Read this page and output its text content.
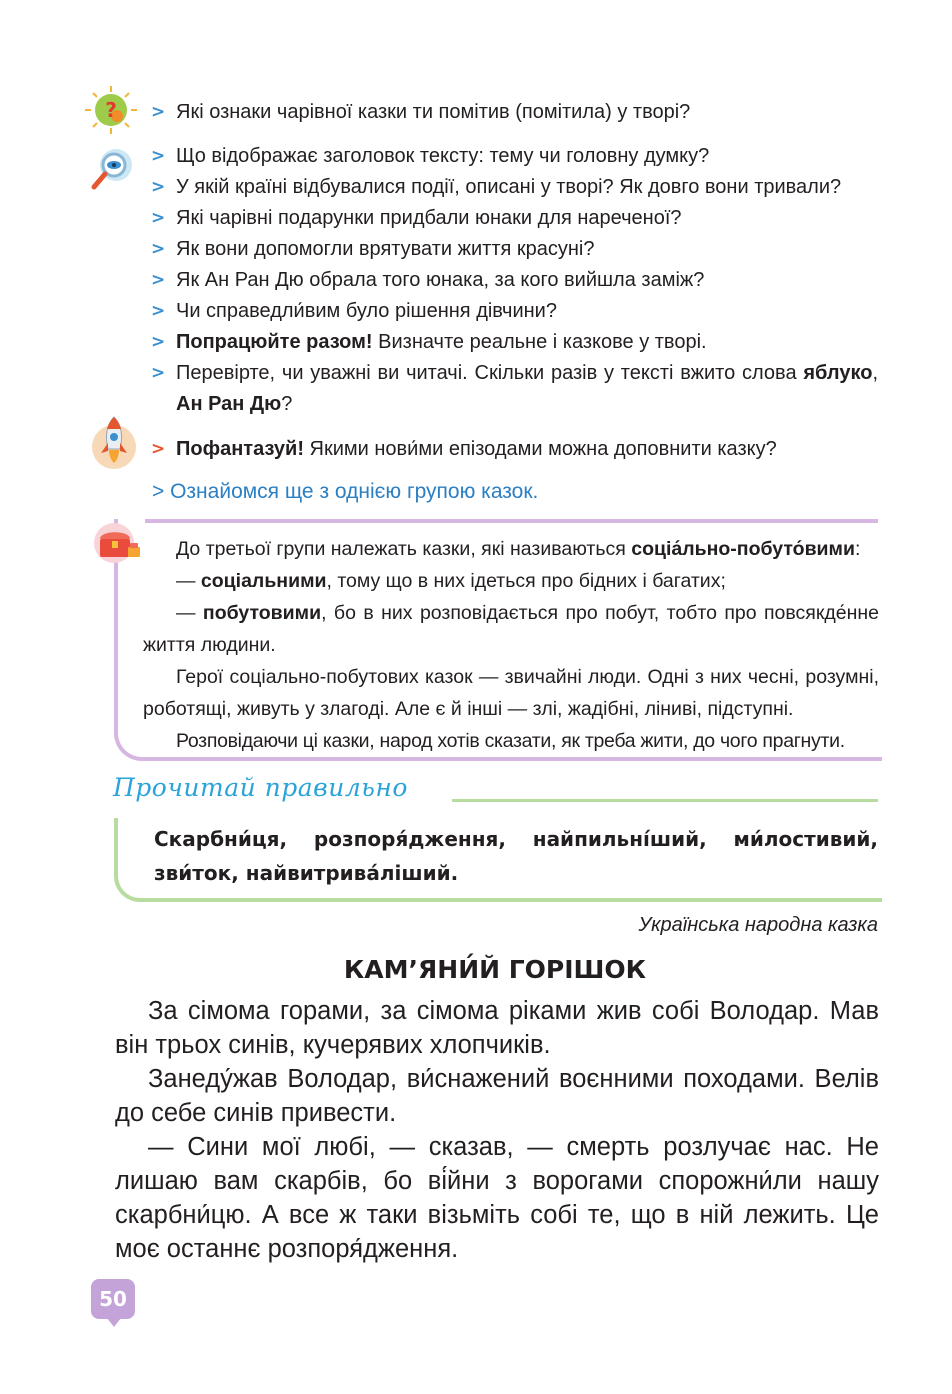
? > Які ознаки чарівної казки ти помітив (помітила) у творі?
> Що відображає заголовок тексту: тему чи головну думку?
> У якій країні відбувалися події, описані у творі? Як довго вони тривали?
> Які чарівні подарунки придбали юнаки для нареченої?
> Як вони допомогли врятувати життя красуні?
> Як Ан Ран Дю обрала того юнака, за кого вийшла заміж?
> Чи справедли́вим було рішення дівчини?
> Попрацюйте разом! Визначте реальне і казкове у творі.
> Перевірте, чи уважні ви читачі. Скільки разів у тексті вжито слова яблуко, Ан Ран Дю?
> Пофантазуй! Якими нови́ми епізодами можна доповнити казку?
> Ознайомся ще з однією групою казок.
До третьої групи належать казки, які називаються соціа́льно-побуто́вими:
— соціальними, тому що в них ідеться про бідних і багатих;
— побутовими, бо в них розповідається про побут, тобто про повсякде́нне життя людини.
Герої соціально-побутових казок — звичайні люди. Одні з них чесні, розумні, роботящі, живуть у злагоді. Але є й інші — злі, жадібні, ліниві, підступні.
Розповідаючи ці казки, народ хотів сказати, як треба жити, до чого прагнути.
Прочитай правильно
Скарбни́ця, розпоря́дження, найпильні́ший, ми́лостивий, зви́ток, найвитрива́ліший.
Українська народна казка
КАМ’ЯНИ́Й ГОРІШОК

За сімома горами, за сімома ріками жив собі Володар. Мав він трьох синів, кучерявих хлопчиків.

Занеду́жав Володар, ви́снажений воєнними походами. Велів до себе синів привести.

— Сини мої любі, — сказав, — смерть розлучає нас. Не лишаю вам скарбів, бо ві́йни з ворогами спорожни́ли нашу скарбни́цю. А все ж таки візьміть собі те, що в ній лежить. Це моє останнє розпоря́дження.

50
